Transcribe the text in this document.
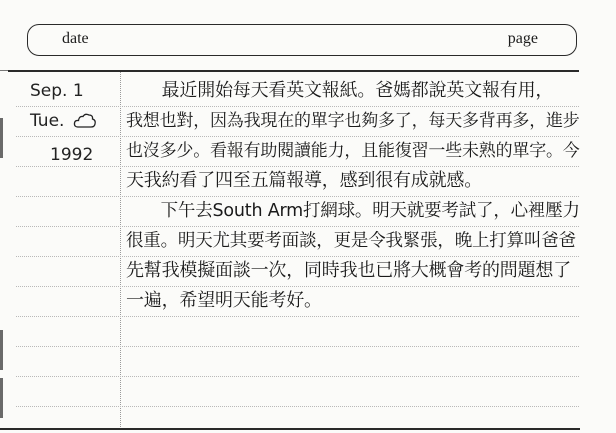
date	page
Sep. 1
Tue.
1992
　　最近開始每天看英文報紙。爸媽都說英文報有用，
我想也對，因為我現在的單字也夠多了，每天多背再多，進步
也沒多少。看報有助閱讀能力，且能復習一些未熟的單字。今
天我約看了四至五篇報導，感到很有成就感。
　　下午去South Arm打網球。明天就要考試了，心裡壓力
很重。明天尤其要考面談，更是令我緊張，晚上打算叫爸爸
先幫我模擬面談一次，同時我也已將大概會考的問題想了
一遍，希望明天能考好。
